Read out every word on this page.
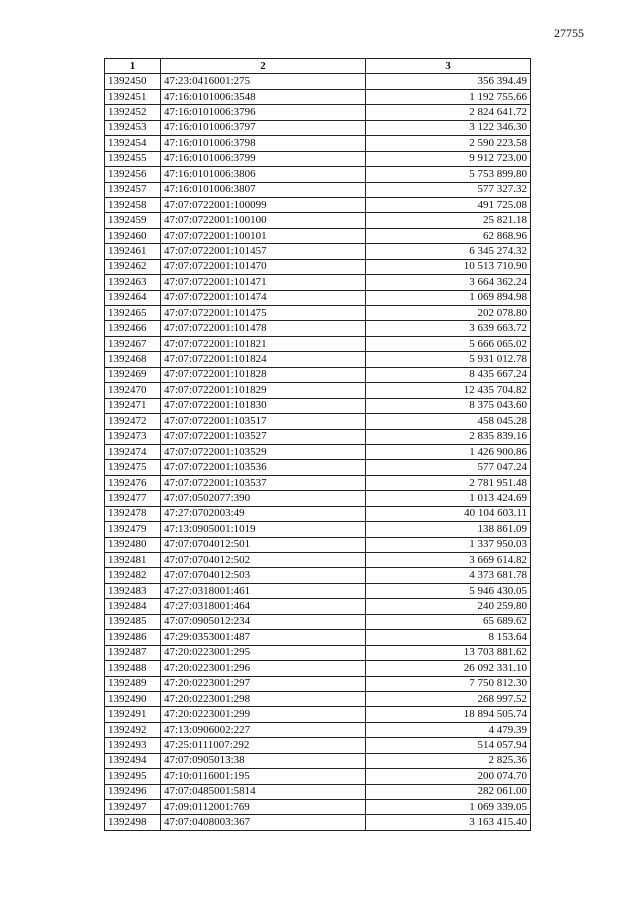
27755
1	2	3
1392450	47:23:0416001:275	356 394.49
1392451	47:16:0101006:3548	1 192 755.66
1392452	47:16:0101006:3796	2 824 641.72
1392453	47:16:0101006:3797	3 122 346.30
1392454	47:16:0101006:3798	2 590 223.58
1392455	47:16:0101006:3799	9 912 723.00
1392456	47:16:0101006:3806	5 753 899.80
1392457	47:16:0101006:3807	577 327.32
1392458	47:07:0722001:100099	491 725.08
1392459	47:07:0722001:100100	25 821.18
1392460	47:07:0722001:100101	62 868.96
1392461	47:07:0722001:101457	6 345 274.32
1392462	47:07:0722001:101470	10 513 710.90
1392463	47:07:0722001:101471	3 664 362.24
1392464	47:07:0722001:101474	1 069 894.98
1392465	47:07:0722001:101475	202 078.80
1392466	47:07:0722001:101478	3 639 663.72
1392467	47:07:0722001:101821	5 666 065.02
1392468	47:07:0722001:101824	5 931 012.78
1392469	47:07:0722001:101828	8 435 667.24
1392470	47:07:0722001:101829	12 435 704.82
1392471	47:07:0722001:101830	8 375 043.60
1392472	47:07:0722001:103517	458 045.28
1392473	47:07:0722001:103527	2 835 839.16
1392474	47:07:0722001:103529	1 426 900.86
1392475	47:07:0722001:103536	577 047.24
1392476	47:07:0722001:103537	2 781 951.48
1392477	47:07:0502077:390	1 013 424.69
1392478	47:27:0702003:49	40 104 603.11
1392479	47:13:0905001:1019	138 861.09
1392480	47:07:0704012:501	1 337 950.03
1392481	47:07:0704012:502	3 669 614.82
1392482	47:07:0704012:503	4 373 681.78
1392483	47:27:0318001:461	5 946 430.05
1392484	47:27:0318001:464	240 259.80
1392485	47:07:0905012:234	65 689.62
1392486	47:29:0353001:487	8 153.64
1392487	47:20:0223001:295	13 703 881.62
1392488	47:20:0223001:296	26 092 331.10
1392489	47:20:0223001:297	7 750 812.30
1392490	47:20:0223001:298	268 997.52
1392491	47:20:0223001:299	18 894 505.74
1392492	47:13:0906002:227	4 479.39
1392493	47:25:0111007:292	514 057.94
1392494	47:07:0905013:38	2 825.36
1392495	47:10:0116001:195	200 074.70
1392496	47:07:0485001:5814	282 061.00
1392497	47:09:0112001:769	1 069 339.05
1392498	47:07:0408003:367	3 163 415.40
